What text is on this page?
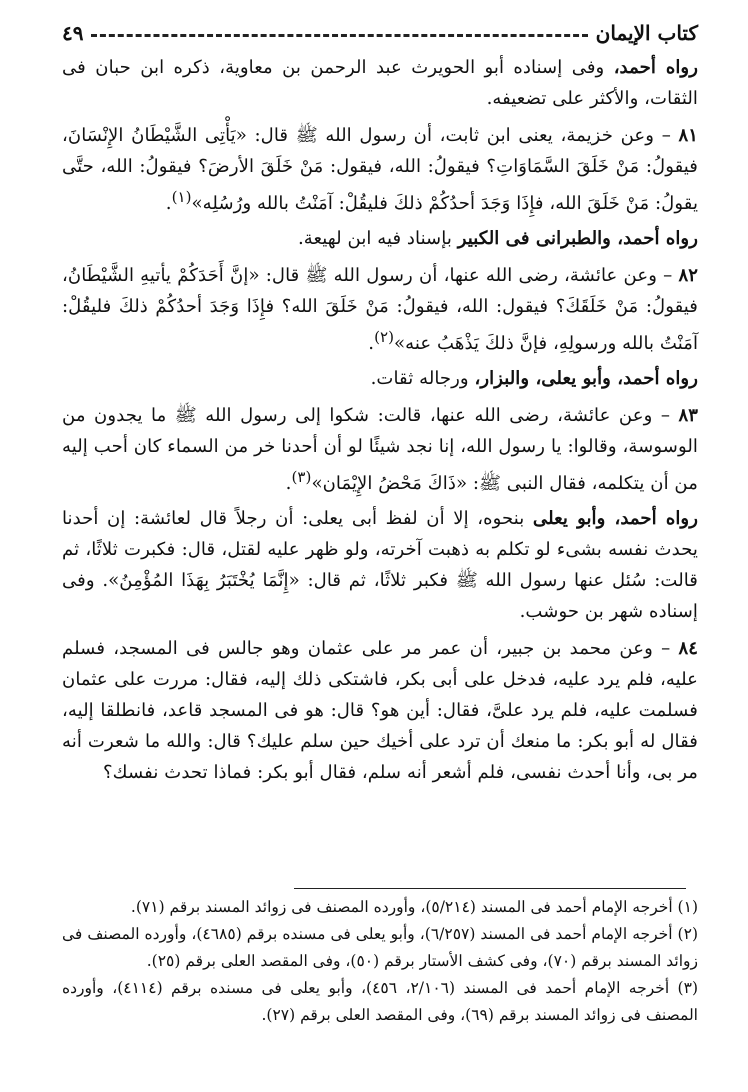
كتاب الإيمان
٤٩

رواه أحمد، وفى إسناده أبو الحويرث عبد الرحمن بن معاوية، ذكره ابن حبان فى الثقات، والأكثر على تضعيفه.

٨١ – وعن خزيمة، يعنى ابن ثابت، أن رسول الله ﷺ قال: «يَأْتِى الشَّيْطَانُ الإِنْسَانَ، فيقولُ: مَنْ خَلَقَ السَّمَاوَاتِ؟ فيقولُ: الله، فيقول: مَنْ خَلَقَ الأرضَ؟ فيقولُ: الله، حتَّى يقولُ: مَنْ خَلَقَ الله، فإِذَا وَجَدَ أحدُكُمْ ذلكَ فليقُلْ: آمَنْتُ بالله ورُسُلِه»$^{(١)}$.

رواه أحمد، والطبرانى فى الكبير بإسناد فيه ابن لهيعة.

٨٢ – وعن عائشة، رضى الله عنها، أن رسول الله ﷺ قال: «إنَّ أَحَدَكُمْ يأتيهِ الشَّيْطَانُ، فيقولُ: مَنْ خَلَقَكَ؟ فيقول: الله، فيقولُ: مَنْ خَلَقَ الله؟ فإِذَا وَجَدَ أحدُكُمْ ذلكَ فليقُلْ: آمَنْتُ بالله ورسولِهِ، فإنَّ ذلكَ يَذْهَبُ عنه»$^{(٢)}$.

رواه أحمد، وأبو يعلى، والبزار، ورجاله ثقات.

٨٣ – وعن عائشة، رضى الله عنها، قالت: شكوا إلى رسول الله ﷺ ما يجدون من الوسوسة، وقالوا: يا رسول الله، إنا نجد شيئًا لو أن أحدنا خر من السماء كان أحب إليه من أن يتكلمه، فقال النبى ﷺ: «ذَاكَ مَحْضُ الإِيْمَان»$^{(٣)}$.

رواه أحمد، وأبو يعلى بنحوه، إلا أن لفظ أبى يعلى: أن رجلاً قال لعائشة: إن أحدنا يحدث نفسه بشىء لو تكلم به ذهبت آخرته، ولو ظهر عليه لقتل، قال: فكبرت ثلاثًا، ثم قالت: سُئل عنها رسول الله ﷺ فكبر ثلاثًا، ثم قال: «إِنَّمَا يُخْتَبَرُ بِهَذَا المُؤْمِنُ». وفى إسناده شهر بن حوشب.

٨٤ – وعن محمد بن جبير، أن عمر مر على عثمان وهو جالس فى المسجد، فسلم عليه، فلم يرد عليه، فدخل على أبى بكر، فاشتكى ذلك إليه، فقال: مررت على عثمان فسلمت عليه، فلم يرد علىَّ، فقال: أين هو؟ قال: هو فى المسجد قاعد، فانطلقا إليه، فقال له أبو بكر: ما منعك أن ترد على أخيك حين سلم عليك؟ قال: والله ما شعرت أنه مر بى، وأنا أحدث نفسى، فلم أشعر أنه سلم، فقال أبو بكر: فماذا تحدث نفسك؟

(١) أخرجه الإمام أحمد فى المسند (٥/٢١٤)، وأورده المصنف فى زوائد المسند برقم (٧١).

(٢) أخرجه الإمام أحمد فى المسند (٦/٢٥٧)، وأبو يعلى فى مسنده برقم (٤٦٨٥)، وأورده المصنف فى زوائد المسند برقم (٧٠)، وفى كشف الأستار برقم (٥٠)، وفى المقصد العلى برقم (٢٥).

(٣) أخرجه الإمام أحمد فى المسند (٢/١٠٦، ٤٥٦)، وأبو يعلى فى مسنده برقم (٤١١٤)، وأورده المصنف فى زوائد المسند برقم (٦٩)، وفى المقصد العلى برقم (٢٧).
